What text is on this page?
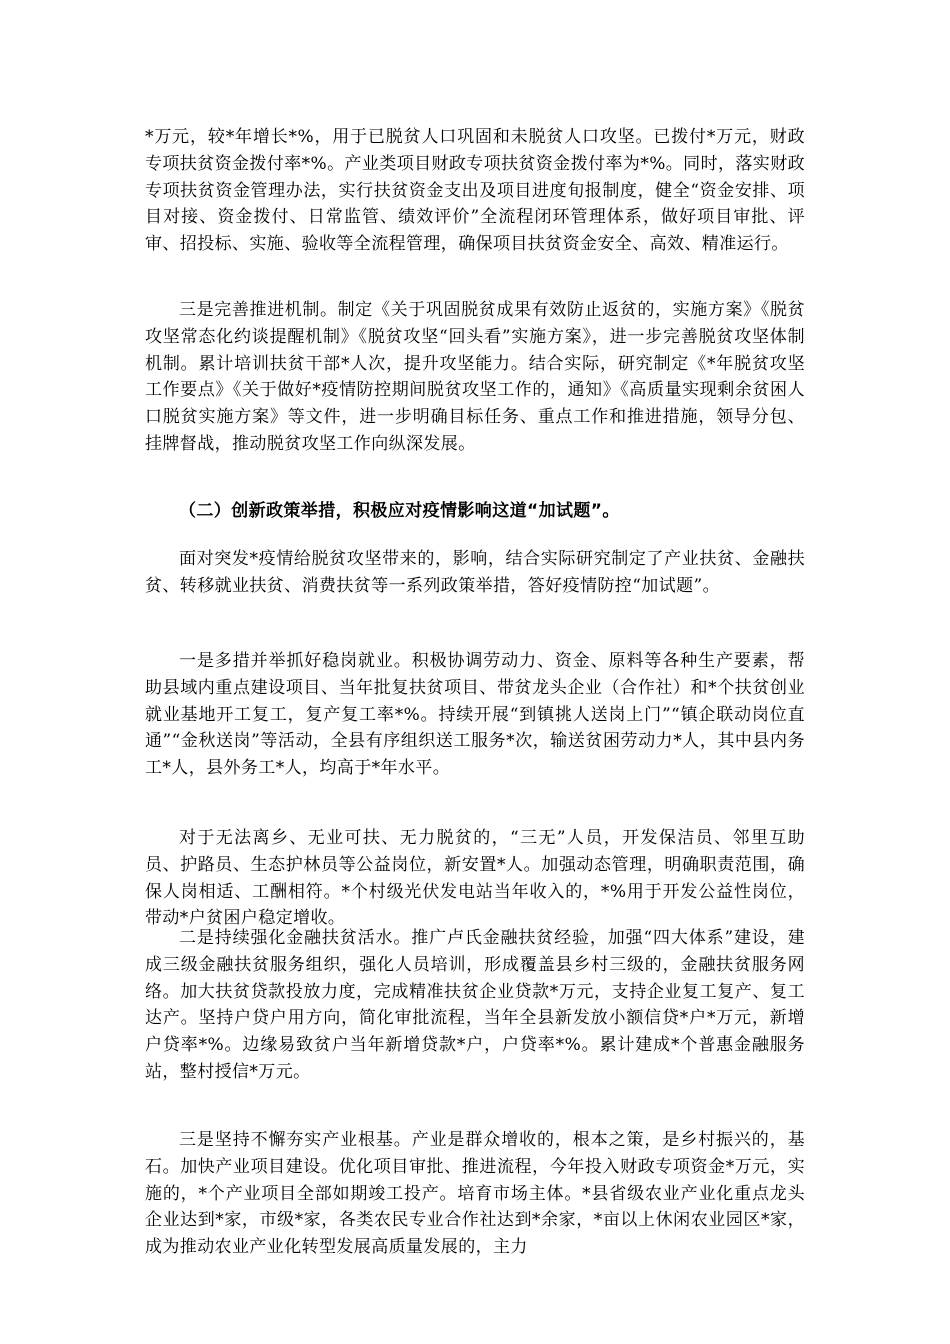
*万元，较*年增长*%，用于已脱贫人口巩固和未脱贫人口攻坚。已拨付*万元，财政专项扶贫资金拨付率*%。产业类项目财政专项扶贫资金拨付率为*%。同时，落实财政专项扶贫资金管理办法，实行扶贫资金支出及项目进度旬报制度，健全“资金安排、项目对接、资金拨付、日常监管、绩效评价”全流程闭环管理体系，做好项目审批、评审、招投标、实施、验收等全流程管理，确保项目扶贫资金安全、高效、精准运行。

三是完善推进机制。制定《关于巩固脱贫成果有效防止返贫的，实施方案》《脱贫攻坚常态化约谈提醒机制》《脱贫攻坚“回头看”实施方案》，进一步完善脱贫攻坚体制机制。累计培训扶贫干部*人次，提升攻坚能力。结合实际，研究制定《*年脱贫攻坚工作要点》《关于做好*疫情防控期间脱贫攻坚工作的，通知》《高质量实现剩余贫困人口脱贫实施方案》等文件，进一步明确目标任务、重点工作和推进措施，领导分包、挂牌督战，推动脱贫攻坚工作向纵深发展。

（二）创新政策举措，积极应对疫情影响这道“加试题”。

面对突发*疫情给脱贫攻坚带来的，影响，结合实际研究制定了产业扶贫、金融扶贫、转移就业扶贫、消费扶贫等一系列政策举措，答好疫情防控“加试题”。

一是多措并举抓好稳岗就业。积极协调劳动力、资金、原料等各种生产要素，帮助县域内重点建设项目、当年批复扶贫项目、带贫龙头企业（合作社）和*个扶贫创业就业基地开工复工，复产复工率*%。持续开展“到镇挑人送岗上门”“镇企联动岗位直通”“金秋送岗”等活动，全县有序组织送工服务*次，输送贫困劳动力*人，其中县内务工*人，县外务工*人，均高于*年水平。

对于无法离乡、无业可扶、无力脱贫的，“三无”人员，开发保洁员、邻里互助员、护路员、生态护林员等公益岗位，新安置*人。加强动态管理，明确职责范围，确保人岗相适、工酬相符。*个村级光伏发电站当年收入的，*%用于开发公益性岗位，带动*户贫困户稳定增收。

二是持续强化金融扶贫活水。推广卢氏金融扶贫经验，加强“四大体系”建设，建成三级金融扶贫服务组织，强化人员培训，形成覆盖县乡村三级的，金融扶贫服务网络。加大扶贫贷款投放力度，完成精准扶贫企业贷款*万元，支持企业复工复产、复工达产。坚持户贷户用方向，简化审批流程，当年全县新发放小额信贷*户*万元，新增户贷率*%。边缘易致贫户当年新增贷款*户，户贷率*%。累计建成*个普惠金融服务站，整村授信*万元。

三是坚持不懈夯实产业根基。产业是群众增收的，根本之策，是乡村振兴的，基石。加快产业项目建设。优化项目审批、推进流程，今年投入财政专项资金*万元，实施的，*个产业项目全部如期竣工投产。培育市场主体。*县省级农业产业化重点龙头企业达到*家，市级*家，各类农民专业合作社达到*余家，*亩以上休闲农业园区*家，成为推动农业产业化转型发展高质量发展的，主力
